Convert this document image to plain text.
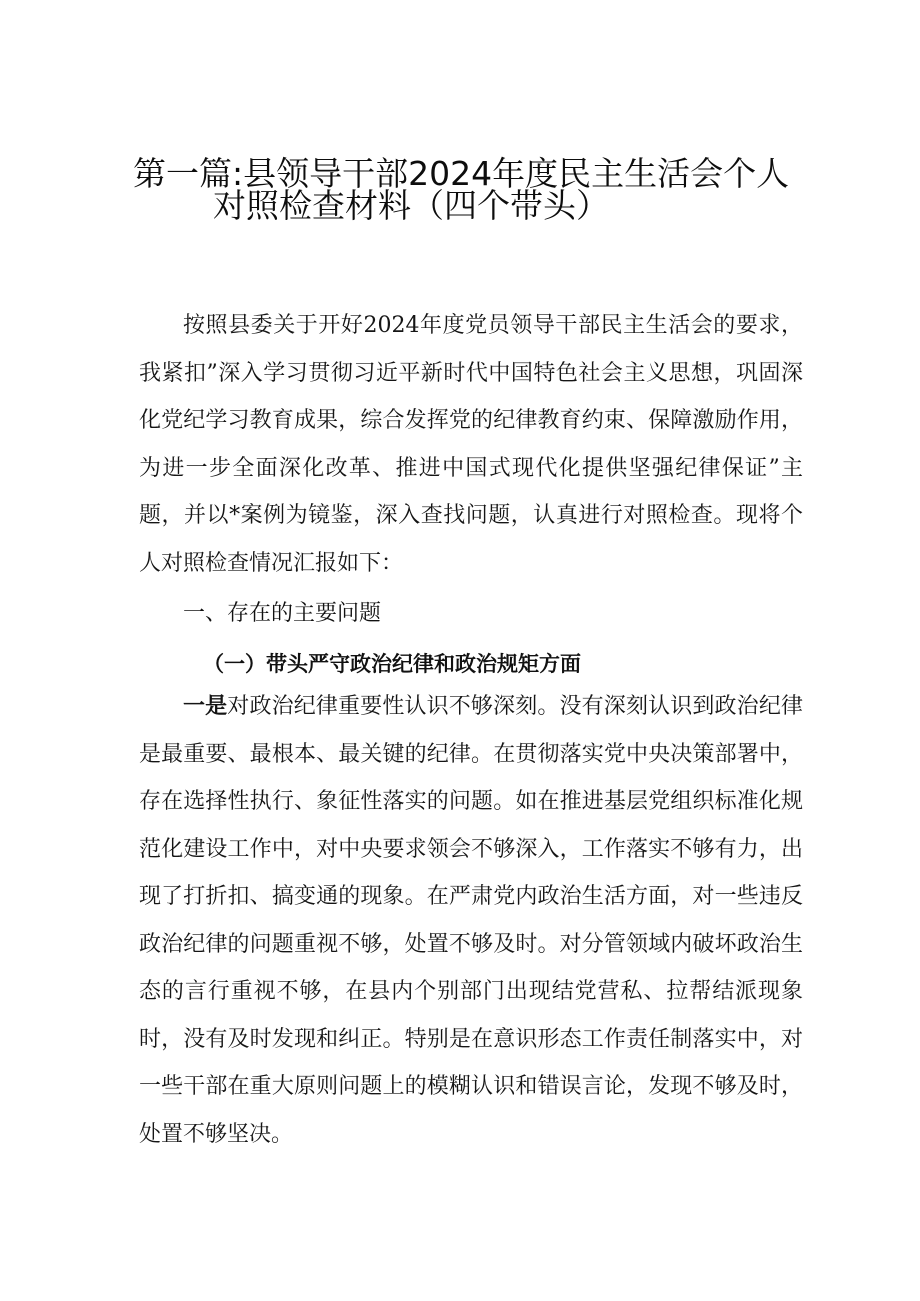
第一篇:县领导干部2024年度民主生活会个人
对照检查材料（四个带头）

按照县委关于开好2024年度党员领导干部民主生活会的要求，我紧扣”深入学习贯彻习近平新时代中国特色社会主义思想，巩固深化党纪学习教育成果，综合发挥党的纪律教育约束、保障激励作用，为进一步全面深化改革、推进中国式现代化提供坚强纪律保证”主题，并以*案例为镜鉴，深入查找问题，认真进行对照检查。现将个人对照检查情况汇报如下：

一、存在的主要问题
（一）带头严守政治纪律和政治规矩方面

一是对政治纪律重要性认识不够深刻。没有深刻认识到政治纪律是最重要、最根本、最关键的纪律。在贯彻落实党中央决策部署中，存在选择性执行、象征性落实的问题。如在推进基层党组织标准化规范化建设工作中，对中央要求领会不够深入，工作落实不够有力，出现了打折扣、搞变通的现象。在严肃党内政治生活方面，对一些违反政治纪律的问题重视不够，处置不够及时。对分管领域内破坏政治生态的言行重视不够，在县内个别部门出现结党营私、拉帮结派现象时，没有及时发现和纠正。特别是在意识形态工作责任制落实中，对一些干部在重大原则问题上的模糊认识和错误言论，发现不够及时，处置不够坚决。
